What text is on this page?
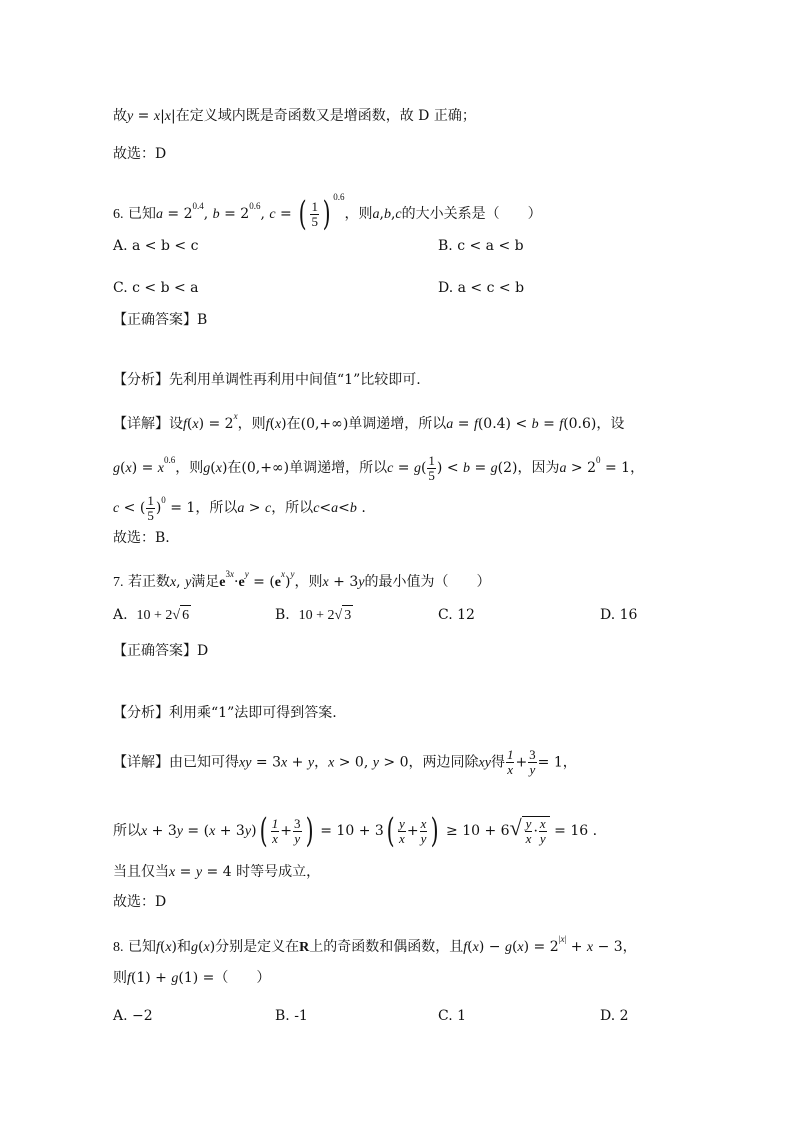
故y = x|x|在定义域内既是奇函数又是增函数，故 D 正确；
故选：D
6. 已知$a = 2^{0.4}$, $b = 2^{0.6}$, c = ( $\frac{1}{5}$ ) $^{0.6}$，则a,b,c的大小关系是（　　）
A. a < b < c	B. c < a < b
C. c < b < a	D. a < c < b
【正确答案】B
【分析】先利用单调性再利用中间值“1”比较即可.
【详解】设$f(x) = 2^x$，则f(x)在(0,+∞)单调递增，所以a = f(0.4) < b = f(0.6)，设
$g(x) = x^{0.6}$，则g(x)在(0,+∞)单调递增，所以$c = g( \frac{1}{5}$ ) < b = g(2)，因为$a > 2^0 = 1$，
c < ( $\frac{1}{5} )^0 = 1$，所以a > c，所以c<a<b .
故选：B.
7. 若正数x, y满足$e^{3x}\cdot e^y = (e^x)^y$，则x + 3y的最小值为（　　）
A.  10 + 2√ 6	B.  10 + 2√ 3	C. 12	D. 16
【正确答案】D
【分析】利用乘“1”法即可得到答案.
【详解】由已知可得xy = 3x + y，x > 0, y > 0，两边同除xy得 $\frac{1}{x} + \frac{3}{y} = 1$，
所以$x + 3y = (x + 3y)( \frac{1}{x} + \frac{3}{y}$ ) = $10 + 3( \frac{y}{x} + \frac{x}{y}$ ) ≥ $10 + 6√ \frac{y}{x} \cdot \frac{x}{y} = 16$ .
当且仅当x = y = 4 时等号成立，
故选：D
8. 已知f(x)和g(x)分别是定义在R上的奇函数和偶函数，且$f(x) - g(x) = 2^{|x|} + x - 3$，
则f(1) + g(1) =（　　）
A. −2	B. -1	C. 1	D. 2
